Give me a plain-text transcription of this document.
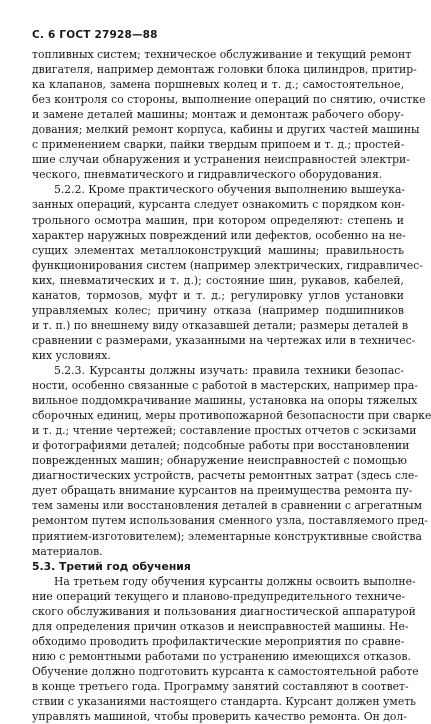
С. 6 ГОСТ 27928—88
топливных систем; техническое обслуживание и текущий ремонт
двигателя, например демонтаж головки блока цилиндров, притир-
ка клапанов, замена поршневых колец и т. д.; самостоятельное,
без контроля со стороны, выполнение операций по снятию, очистке
и замене деталей машины; монтаж и демонтаж рабочего обору-
дования; мелкий ремонт корпуса, кабины и других частей машины
с применением сварки, пайки твердым припоем и т. д.; простей-
шие случаи обнаружения и устранения неисправностей электри-
ческого, пневматического и гидравлического оборудования.
5.2.2. Кроме практического обучения выполнению вышеука-
занных операций, курсанта следует ознакомить с порядком кон-
трольного осмотра машин, при котором определяют: степень и
характер наружных повреждений или дефектов, особенно на не-
сущих элементах металлоконструкций машины; правильность
функционирования систем (например электрических, гидравличес-
ких, пневматических и т. д.); состояние шин, рукавов, кабелей,
канатов, тормозов, муфт и т. д.; регулировку углов установки
управляемых колес; причину отказа (например подшипников
и т. п.) по внешнему виду отказавшей детали; размеры деталей в
сравнении с размерами, указанными на чертежах или в техничес-
ких условиях.
5.2.3. Курсанты должны изучать: правила техники безопас-
ности, особенно связанные с работой в мастерских, например пра-
вильное поддомкрачивание машины, установка на опоры тяжелых
сборочных единиц, меры противопожарной безопасности при сварке
и т. д.; чтение чертежей; составление простых отчетов с эскизами
и фотографиями деталей; подсобные работы при восстановлении
поврежденных машин; обнаружение неисправностей с помощью
диагностических устройств, расчеты ремонтных затрат (здесь сле-
дует обращать внимание курсантов на преимущества ремонта пу-
тем замены или восстановления деталей в сравнении с агрегатным
ремонтом путем использования сменного узла, поставляемого пред-
приятием-изготовителем); элементарные конструктивные свойства
материалов.
5.3. Третий год обучения
На третьем году обучения курсанты должны освоить выполне-
ние операций текущего и планово-предупредительного техниче-
ского обслуживания и пользования диагностической аппаратурой
для определения причин отказов и неисправностей машины. Не-
обходимо проводить профилактические мероприятия по сравне-
нию с ремонтными работами по устранению имеющихся отказов.
Обучение должно подготовить курсанта к самостоятельной работе
в конце третьего года. Программу занятий составляют в соответ-
ствии с указаниями настоящего стандарта. Курсант должен уметь
управлять машиной, чтобы проверить качество ремонта. Он дол-
